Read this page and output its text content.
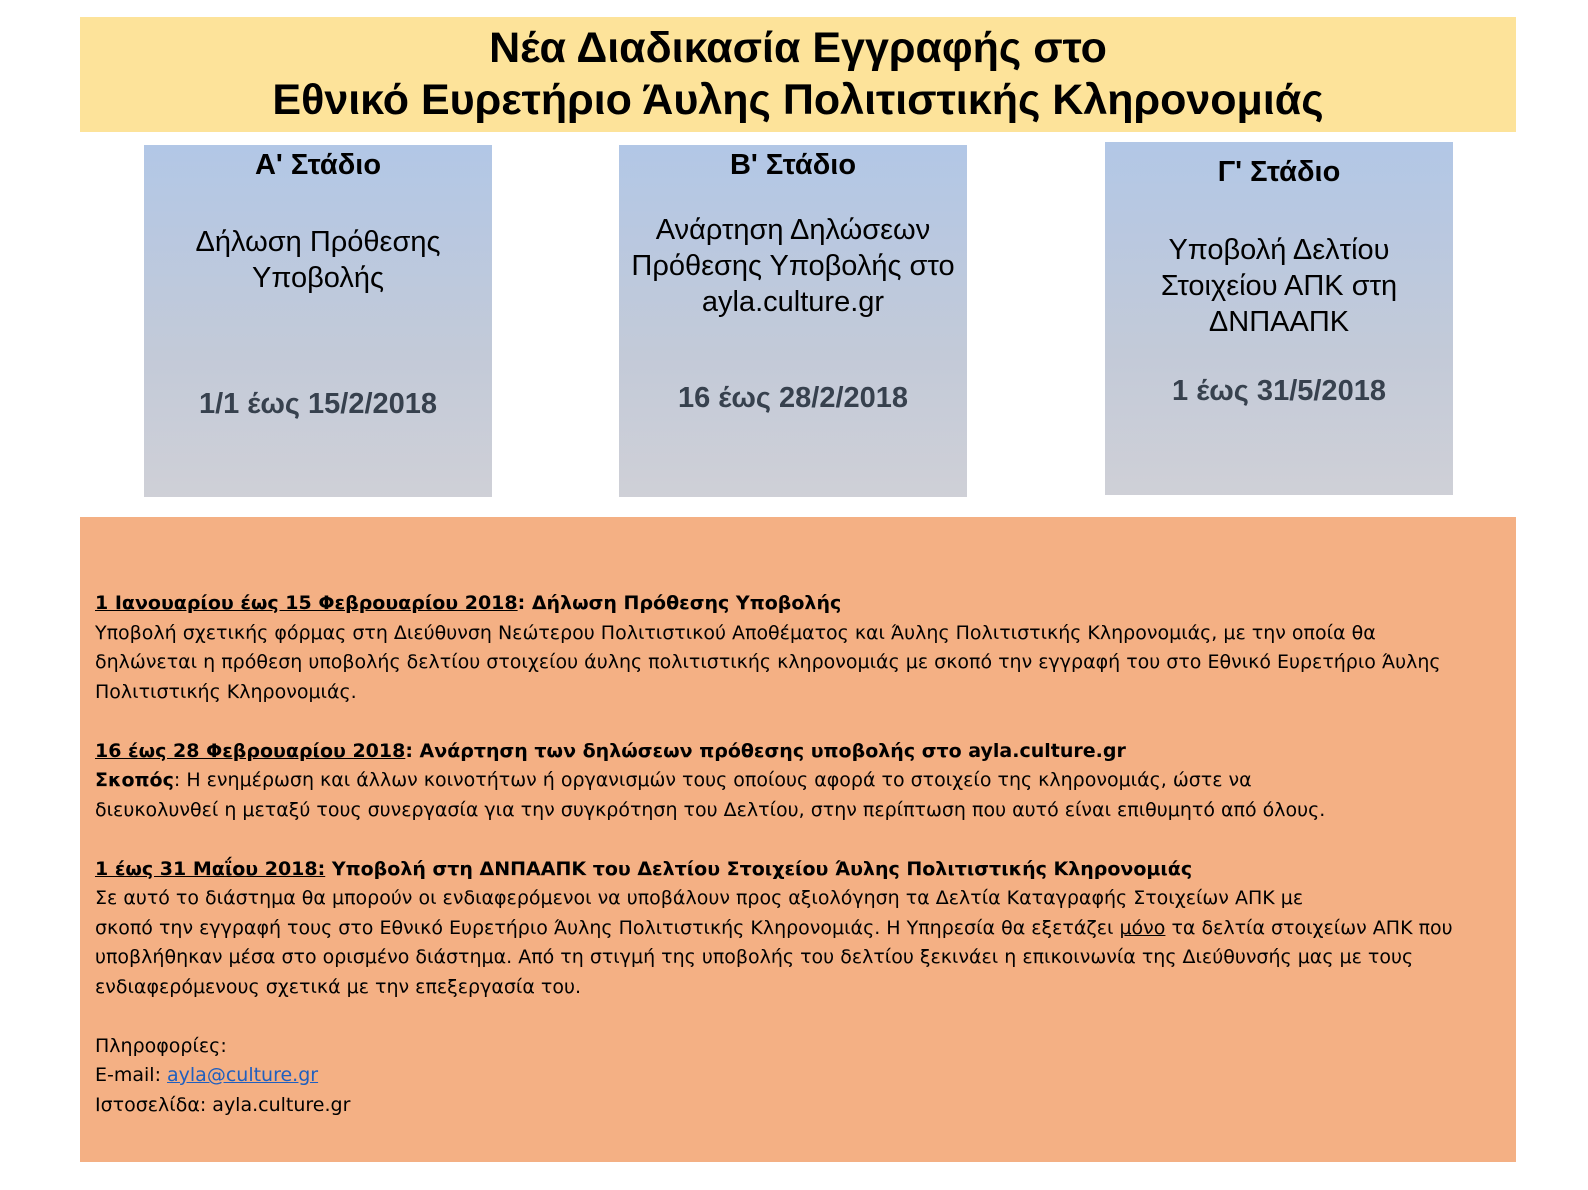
Νέα Διαδικασία Εγγραφής στο
Εθνικό Ευρετήριο Άυλης Πολιτιστικής Κληρονομιάς
Α' Στάδιο
Δήλωση Πρόθεσης
Υποβολής
1/1 έως 15/2/2018
Β' Στάδιο
Ανάρτηση Δηλώσεων
Πρόθεσης Υποβολής στο
ayla.culture.gr
16 έως 28/2/2018
Γ' Στάδιο
Υποβολή Δελτίου
Στοιχείου ΑΠΚ στη
ΔΝΠΑΑΠΚ
1 έως 31/5/2018

1 Ιανουαρίου έως 15 Φεβρουαρίου 2018: Δήλωση Πρόθεσης Υποβολής

Υποβολή σχετικής φόρμας στη Διεύθυνση Νεώτερου Πολιτιστικού Αποθέματος και Άυλης Πολιτιστικής Κληρονομιάς, με την οποία θα

δηλώνεται η πρόθεση υποβολής δελτίου στοιχείου άυλης πολιτιστικής κληρονομιάς με σκοπό την εγγραφή του στο Εθνικό Ευρετήριο Άυλης

Πολιτιστικής Κληρονομιάς.

16 έως 28 Φεβρουαρίου 2018: Ανάρτηση των δηλώσεων πρόθεσης υποβολής στο ayla.culture.gr

Σκοπός: Η ενημέρωση και άλλων κοινοτήτων ή οργανισμών τους οποίους αφορά το στοιχείο της κληρονομιάς, ώστε να

διευκολυνθεί η μεταξύ τους συνεργασία για την συγκρότηση του Δελτίου, στην περίπτωση που αυτό είναι επιθυμητό από όλους.

1 έως 31 Μαΐου 2018: Υποβολή στη ΔΝΠΑΑΠΚ του Δελτίου Στοιχείου Άυλης Πολιτιστικής Κληρονομιάς

Σε αυτό το διάστημα θα μπορούν οι ενδιαφερόμενοι να υποβάλουν προς αξιολόγηση τα Δελτία Καταγραφής Στοιχείων ΑΠΚ με

σκοπό την εγγραφή τους στο Εθνικό Ευρετήριο Άυλης Πολιτιστικής Κληρονομιάς. Η Υπηρεσία θα εξετάζει μόνο τα δελτία στοιχείων ΑΠΚ που

υποβλήθηκαν μέσα στο ορισμένο διάστημα. Από τη στιγμή της υποβολής του δελτίου ξεκινάει η επικοινωνία της Διεύθυνσής μας με τους

ενδιαφερόμενους σχετικά με την επεξεργασία του.

Πληροφορίες:

E-mail: ayla@culture.gr

Ιστοσελίδα: ayla.culture.gr
